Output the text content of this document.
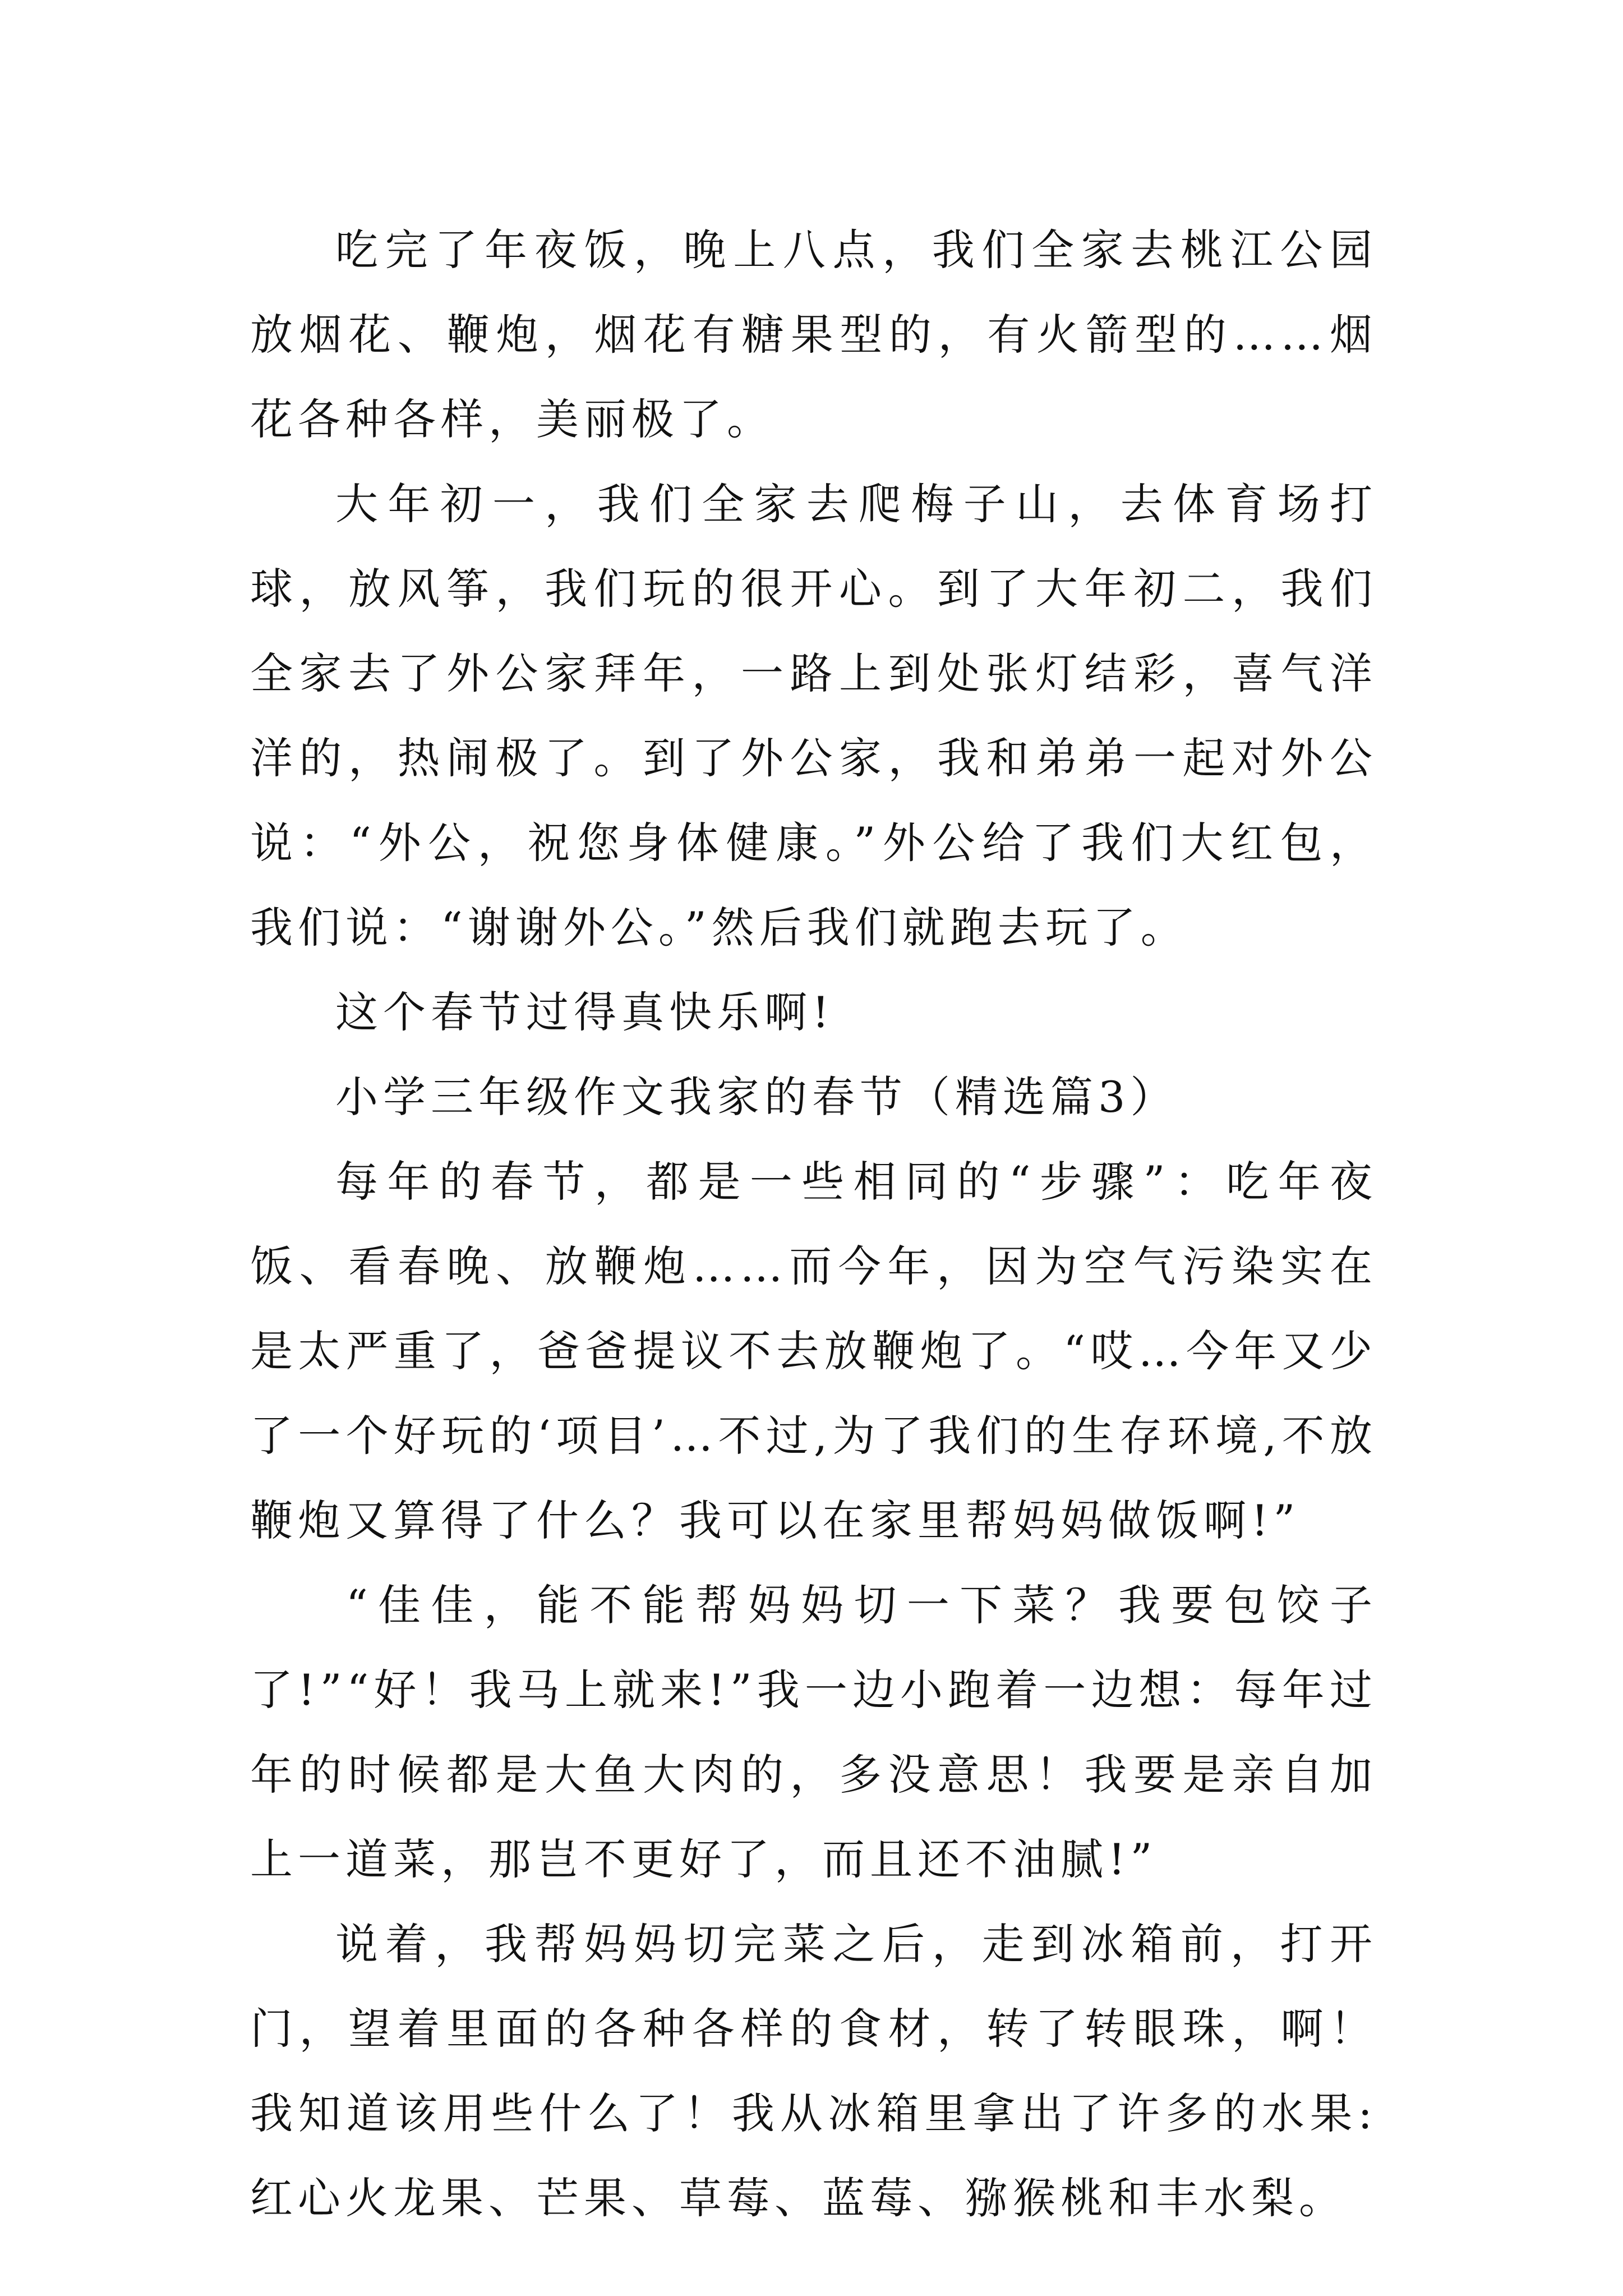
吃完了年夜饭，晚上八点，我们全家去桃江公园放烟花、鞭炮，烟花有糖果型的，有火箭型的……烟花各种各样，美丽极了。

大年初一，我们全家去爬梅子山，去体育场打球，放风筝，我们玩的很开心。到了大年初二，我们全家去了外公家拜年，一路上到处张灯结彩，喜气洋洋的，热闹极了。到了外公家，我和弟弟一起对外公说：“外公，祝您身体健康。”外公给了我们大红包，我们说：“谢谢外公。”然后我们就跑去玩了。

这个春节过得真快乐啊!

小学三年级作文我家的春节（精选篇3）

每年的春节，都是一些相同的“步骤”：吃年夜饭、看春晚、放鞭炮……而今年，因为空气污染实在是太严重了，爸爸提议不去放鞭炮了。“哎…今年又少了一个好玩的‘项目’…不过,为了我们的生存环境,不放鞭炮又算得了什么？我可以在家里帮妈妈做饭啊!”

“佳佳，能不能帮妈妈切一下菜？我要包饺子了!”“好！我马上就来!”我一边小跑着一边想：每年过年的时候都是大鱼大肉的，多没意思！我要是亲自加上一道菜，那岂不更好了，而且还不油腻!”

说着，我帮妈妈切完菜之后，走到冰箱前，打开门，望着里面的各种各样的食材，转了转眼珠，啊！我知道该用些什么了！我从冰箱里拿出了许多的水果: 红心火龙果、芒果、草莓、蓝莓、猕猴桃和丰水梨。
